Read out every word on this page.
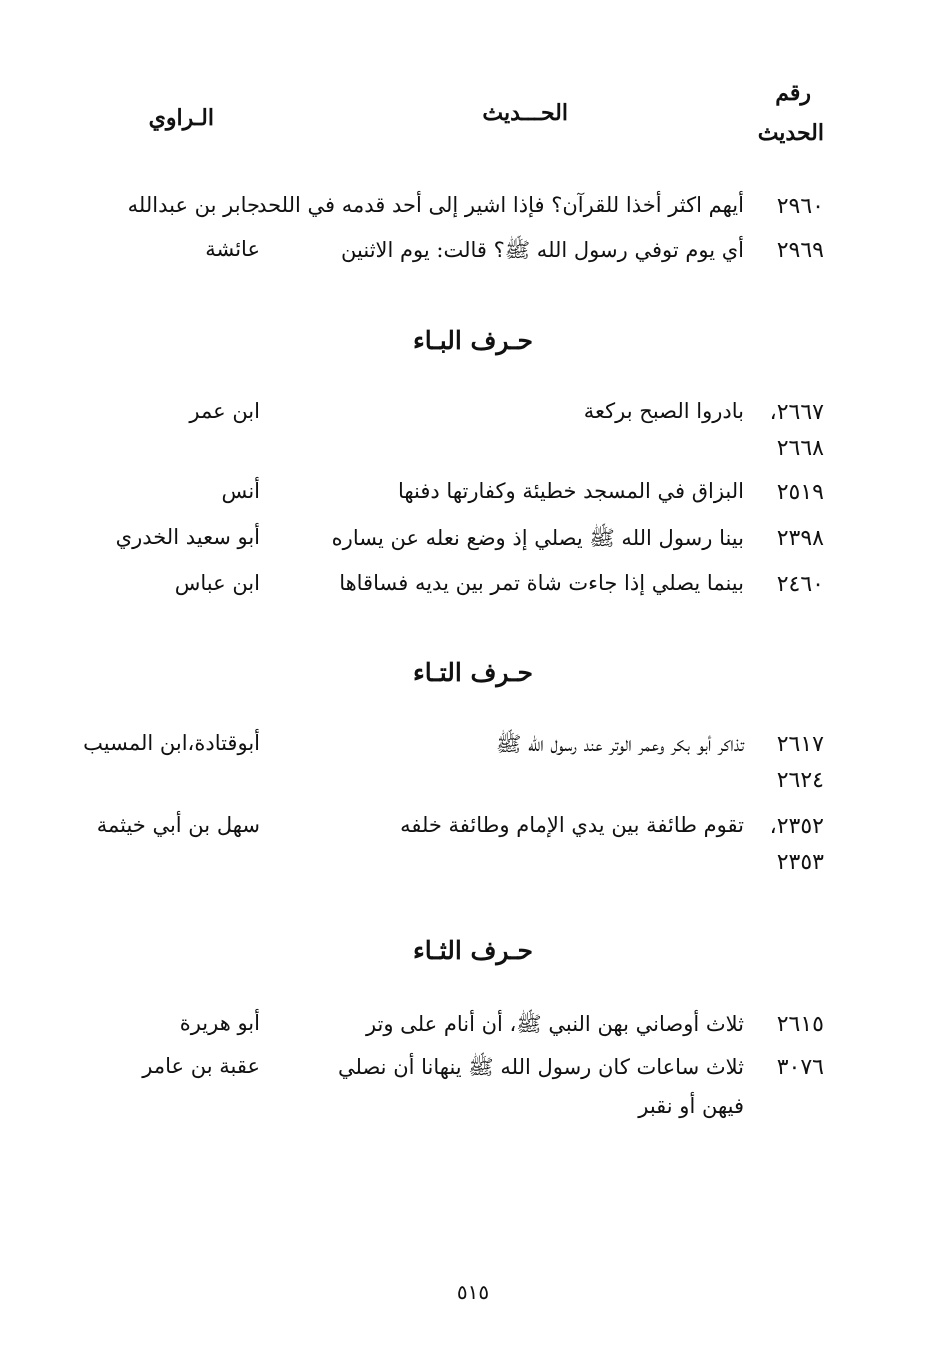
رقم
الحديث
الحـــديث
الـراوي
٢٩٦٠
أيهم اكثر أخذا للقرآن؟ فإذا اشير إلى أحد قدمه في اللحد
جابر بن عبدالله
٢٩٦٩
أي يوم توفي رسول الله ﷺ؟ قالت: يوم الاثنين
عائشة
حـرف البـاء
٢٦٦٧،
٢٦٦٨
بادروا الصبح بركعة
ابن عمر
٢٥١٩
البزاق في المسجد خطيئة وكفارتها دفنها
أنس
٢٣٩٨
بينا رسول الله ﷺ يصلي إذ وضع نعله عن يساره
أبو سعيد الخدري
٢٤٦٠
بينما يصلي إذا جاءت شاة تمر بين يديه فساقاها
ابن عباس
حـرف التـاء
٢٦١٧
٢٦٢٤
تذاكر أبو بكر وعمر الوتر عند رسول الله ﷺ
أبوقتادة،ابن المسيب
٢٣٥٢،
٢٣٥٣
تقوم طائفة بين يدي الإمام وطائفة خلفه
سهل بن أبي خيثمة
حـرف الثـاء
٢٦١٥
ثلاث أوصاني بهن النبي ﷺ، أن أنام على وتر
أبو هريرة
٣٠٧٦
ثلاث ساعات كان رسول الله ﷺ ينهانا أن نصلي
فيهن أو نقبر
عقبة بن عامر
٥١٥
